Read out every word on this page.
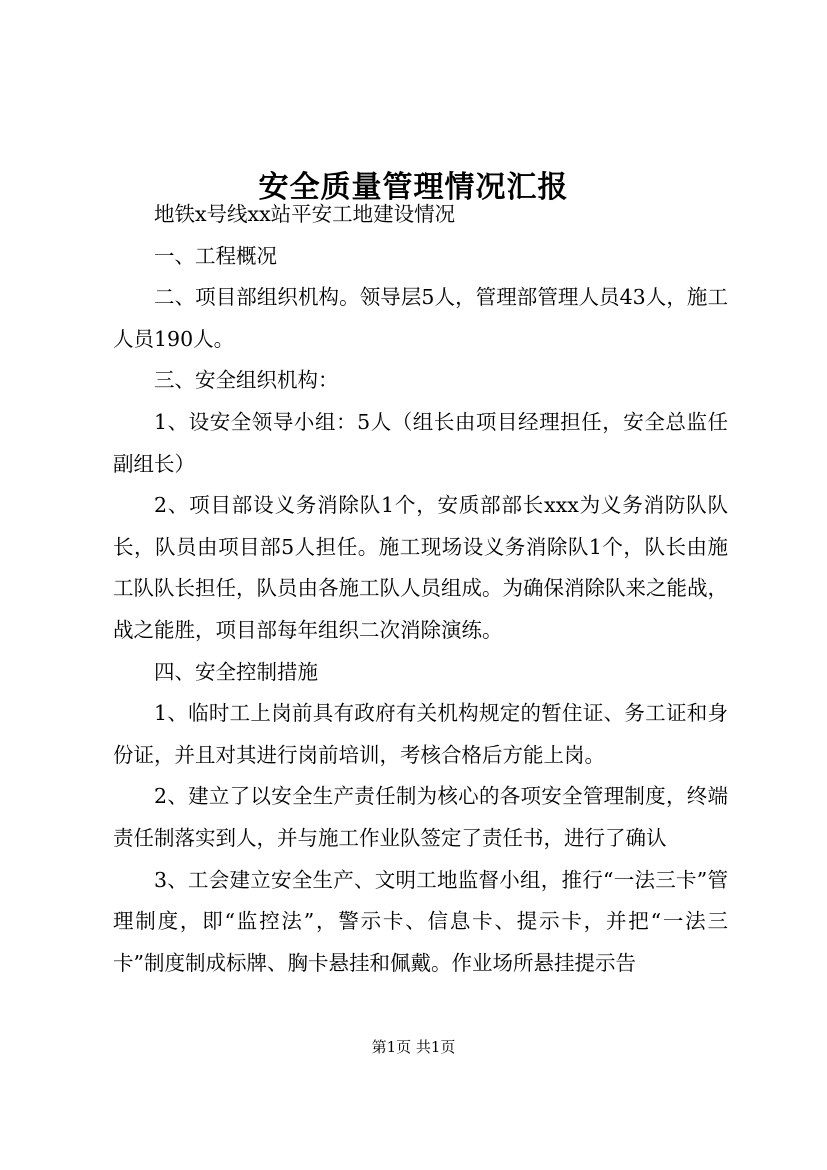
安全质量管理情况汇报

地铁x号线xx站平安工地建设情况

一、工程概况

二、项目部组织机构。领导层5人，管理部管理人员43人，施工人员190人。

三、安全组织机构：

1、设安全领导小组：5人（组长由项目经理担任，安全总监任副组长）

2、项目部设义务消除队1个，安质部部长xxx为义务消防队队长，队员由项目部5人担任。施工现场设义务消除队1个，队长由施工队队长担任，队员由各施工队人员组成。为确保消除队来之能战，战之能胜，项目部每年组织二次消除演练。

四、安全控制措施

1、临时工上岗前具有政府有关机构规定的暂住证、务工证和身份证，并且对其进行岗前培训，考核合格后方能上岗。

2、建立了以安全生产责任制为核心的各项安全管理制度，终端责任制落实到人，并与施工作业队签定了责任书，进行了确认

3、工会建立安全生产、文明工地监督小组，推行“一法三卡”管理制度，即“监控法”，警示卡、信息卡、提示卡，并把“一法三卡”制度制成标牌、胸卡悬挂和佩戴。作业场所悬挂提示告

第1页 共1页
